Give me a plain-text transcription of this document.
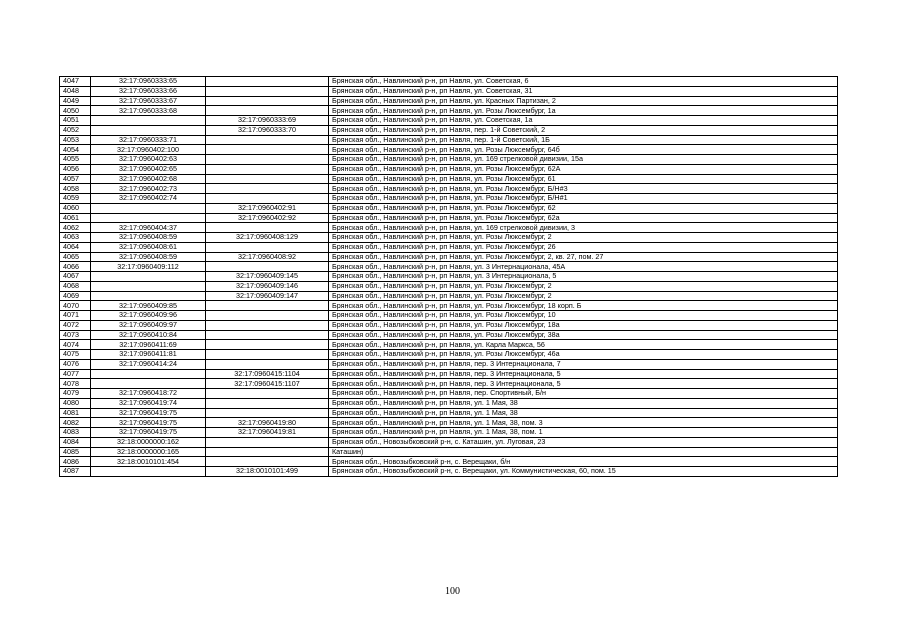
4047	32:17:0960333:65		Брянская обл., Навлинский р-н, рп Навля, ул. Советская, 6
4048	32:17:0960333:66		Брянская обл., Навлинский р-н, рп Навля, ул. Советская, 31
4049	32:17:0960333:67		Брянская обл., Навлинский р-н, рп Навля, ул. Красных Партизан, 2
4050	32:17:0960333:68		Брянская обл., Навлинский р-н, рп Навля, ул. Розы Люксембург, 1а
4051		32:17:0960333:69	Брянская обл., Навлинский р-н, рп Навля, ул. Советская, 1а
4052		32:17:0960333:70	Брянская обл., Навлинский р-н, рп Навля, пер. 1-й Советский, 2
4053	32:17:0960333:71		Брянская обл., Навлинский р-н, рп Навля, пер. 1-й Советский, 1Б
4054	32:17:0960402:100		Брянская обл., Навлинский р-н, рп Навля, ул. Розы Люксембург, 64б
4055	32:17:0960402:63		Брянская обл., Навлинский р-н, рп Навля, ул. 169 стрелковой дивизии, 15а
4056	32:17:0960402:65		Брянская обл., Навлинский р-н, рп Навля, ул. Розы Люксембург, 62А
4057	32:17:0960402:68		Брянская обл., Навлинский р-н, рп Навля, ул. Розы Люксембург, 61
4058	32:17:0960402:73		Брянская обл., Навлинский р-н, рп Навля, ул. Розы Люксембург, Б/Н#3
4059	32:17:0960402:74		Брянская обл., Навлинский р-н, рп Навля, ул. Розы Люксембург, Б/Н#1
4060		32:17:0960402:91	Брянская обл., Навлинский р-н, рп Навля, ул. Розы Люксембург, 62
4061		32:17:0960402:92	Брянская обл., Навлинский р-н, рп Навля, ул. Розы Люксембург, 62а
4062	32:17:0960404:37		Брянская обл., Навлинский р-н, рп Навля, ул. 169 стрелковой дивизии, 3
4063	32:17:0960408:59	32:17:0960408:129	Брянская обл., Навлинский р-н, рп Навля, ул. Розы Люксембург, 2
4064	32:17:0960408:61		Брянская обл., Навлинский р-н, рп Навля, ул. Розы Люксембург, 26
4065	32:17:0960408:59	32:17:0960408:92	Брянская обл., Навлинский р-н, рп Навля, ул. Розы Люксембург, 2, кв. 27, пом. 27
4066	32:17:0960409:112		Брянская обл., Навлинский р-н, рп Навля, ул. 3 Интернационала, 45А
4067		32:17:0960409:145	Брянская обл., Навлинский р-н, рп Навля, ул. 3 Интернационала, 5
4068		32:17:0960409:146	Брянская обл., Навлинский р-н, рп Навля, ул. Розы Люксембург, 2
4069		32:17:0960409:147	Брянская обл., Навлинский р-н, рп Навля, ул. Розы Люксембург, 2
4070	32:17:0960409:85		Брянская обл., Навлинский р-н, рп Навля, ул. Розы Люксембург, 18 корп. Б
4071	32:17:0960409:96		Брянская обл., Навлинский р-н, рп Навля, ул. Розы Люксембург, 10
4072	32:17:0960409:97		Брянская обл., Навлинский р-н, рп Навля, ул. Розы Люксембург, 18а
4073	32:17:0960410:84		Брянская обл., Навлинский р-н, рп Навля, ул. Розы Люксембург, 38а
4074	32:17:0960411:69		Брянская обл., Навлинский р-н, рп Навля, ул. Карла Маркса, 56
4075	32:17:0960411:81		Брянская обл., Навлинский р-н, рп Навля, ул. Розы Люксембург, 46а
4076	32:17:0960414:24		Брянская обл., Навлинский р-н, рп Навля, пер. 3 Интернационала, 7
4077		32:17:0960415:1104	Брянская обл., Навлинский р-н, рп Навля, пер. 3 Интернационала, 5
4078		32:17:0960415:1107	Брянская обл., Навлинский р-н, рп Навля, пер. 3 Интернационала, 5
4079	32:17:0960418:72		Брянская обл., Навлинский р-н, рп Навля, пер. Спортивный, Б/н
4080	32:17:0960419:74		Брянская обл., Навлинский р-н, рп Навля, ул. 1 Мая, 38
4081	32:17:0960419:75		Брянская обл., Навлинский р-н, рп Навля, ул. 1 Мая, 38
4082	32:17:0960419:75	32:17:0960419:80	Брянская обл., Навлинский р-н, рп Навля, ул. 1 Мая, 38, пом. 3
4083	32:17:0960419:75	32:17:0960419:81	Брянская обл., Навлинский р-н, рп Навля, ул. 1 Мая, 38, пом. 1
4084	32:18:0000000:162		Брянская обл., Новозыбковский р-н, с. Каташин, ул. Луговая, 23
4085	32:18:0000000:165		Каташин)
4086	32:18:0010101:454		Брянская обл., Новозыбковский р-н, с. Верещаки, б/н
4087		32:18:0010101:499	Брянская обл., Новозыбковский р-н, с. Верещаки, ул. Коммунистическая, 60, пом. 15
100
